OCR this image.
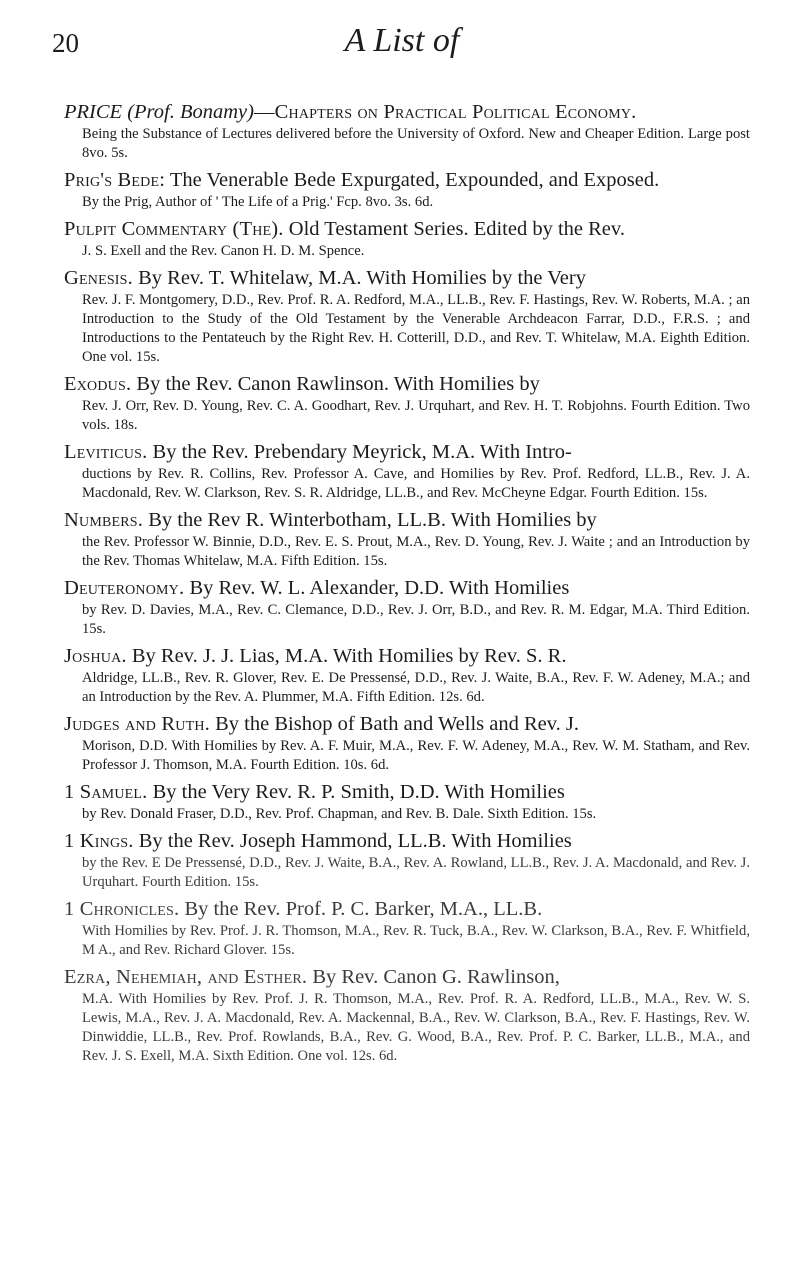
20	A List of
PRICE (Prof. Bonamy)—Chapters on Practical Political Economy.
Being the Substance of Lectures delivered before the University of Oxford. New and Cheaper Edition. Large post 8vo. 5s.
Prig's Bede: The Venerable Bede Expurgated, Expounded, and Exposed.
By the Prig, Author of ' The Life of a Prig.' Fcp. 8vo. 3s. 6d.
Pulpit Commentary (The). Old Testament Series. Edited by the Rev.
J. S. Exell and the Rev. Canon H. D. M. Spence.
Genesis. By Rev. T. Whitelaw, M.A. With Homilies by the Very
Rev. J. F. Montgomery, D.D., Rev. Prof. R. A. Redford, M.A., LL.B., Rev. F. Hastings, Rev. W. Roberts, M.A. ; an Introduction to the Study of the Old Testament by the Venerable Archdeacon Farrar, D.D., F.R.S. ; and Introductions to the Pentateuch by the Right Rev. H. Cotterill, D.D., and Rev. T. Whitelaw, M.A. Eighth Edition. One vol. 15s.
Exodus. By the Rev. Canon Rawlinson. With Homilies by
Rev. J. Orr, Rev. D. Young, Rev. C. A. Goodhart, Rev. J. Urquhart, and Rev. H. T. Robjohns. Fourth Edition. Two vols. 18s.
Leviticus. By the Rev. Prebendary Meyrick, M.A. With Intro-
ductions by Rev. R. Collins, Rev. Professor A. Cave, and Homilies by Rev. Prof. Redford, LL.B., Rev. J. A. Macdonald, Rev. W. Clarkson, Rev. S. R. Aldridge, LL.B., and Rev. McCheyne Edgar. Fourth Edition. 15s.
Numbers. By the Rev R. Winterbotham, LL.B. With Homilies by
the Rev. Professor W. Binnie, D.D., Rev. E. S. Prout, M.A., Rev. D. Young, Rev. J. Waite ; and an Introduction by the Rev. Thomas Whitelaw, M.A. Fifth Edition. 15s.
Deuteronomy. By Rev. W. L. Alexander, D.D. With Homilies
by Rev. D. Davies, M.A., Rev. C. Clemance, D.D., Rev. J. Orr, B.D., and Rev. R. M. Edgar, M.A. Third Edition. 15s.
Joshua. By Rev. J. J. Lias, M.A. With Homilies by Rev. S. R.
Aldridge, LL.B., Rev. R. Glover, Rev. E. De Pressensé, D.D., Rev. J. Waite, B.A., Rev. F. W. Adeney, M.A.; and an Introduction by the Rev. A. Plummer, M.A. Fifth Edition. 12s. 6d.
Judges and Ruth. By the Bishop of Bath and Wells and Rev. J.
Morison, D.D. With Homilies by Rev. A. F. Muir, M.A., Rev. F. W. Adeney, M.A., Rev. W. M. Statham, and Rev. Professor J. Thomson, M.A. Fourth Edition. 10s. 6d.
1 Samuel. By the Very Rev. R. P. Smith, D.D. With Homilies
by Rev. Donald Fraser, D.D., Rev. Prof. Chapman, and Rev. B. Dale. Sixth Edition. 15s.
1 Kings. By the Rev. Joseph Hammond, LL.B. With Homilies
by the Rev. E De Pressensé, D.D., Rev. J. Waite, B.A., Rev. A. Rowland, LL.B., Rev. J. A. Macdonald, and Rev. J. Urquhart. Fourth Edition. 15s.
1 Chronicles. By the Rev. Prof. P. C. Barker, M.A., LL.B.
With Homilies by Rev. Prof. J. R. Thomson, M.A., Rev. R. Tuck, B.A., Rev. W. Clarkson, B.A., Rev. F. Whitfield, M A., and Rev. Richard Glover. 15s.
Ezra, Nehemiah, and Esther. By Rev. Canon G. Rawlinson,
M.A. With Homilies by Rev. Prof. J. R. Thomson, M.A., Rev. Prof. R. A. Redford, LL.B., M.A., Rev. W. S. Lewis, M.A., Rev. J. A. Macdonald, Rev. A. Mackennal, B.A., Rev. W. Clarkson, B.A., Rev. F. Hastings, Rev. W. Dinwiddie, LL.B., Rev. Prof. Rowlands, B.A., Rev. G. Wood, B.A., Rev. Prof. P. C. Barker, LL.B., M.A., and Rev. J. S. Exell, M.A. Sixth Edition. One vol. 12s. 6d.
